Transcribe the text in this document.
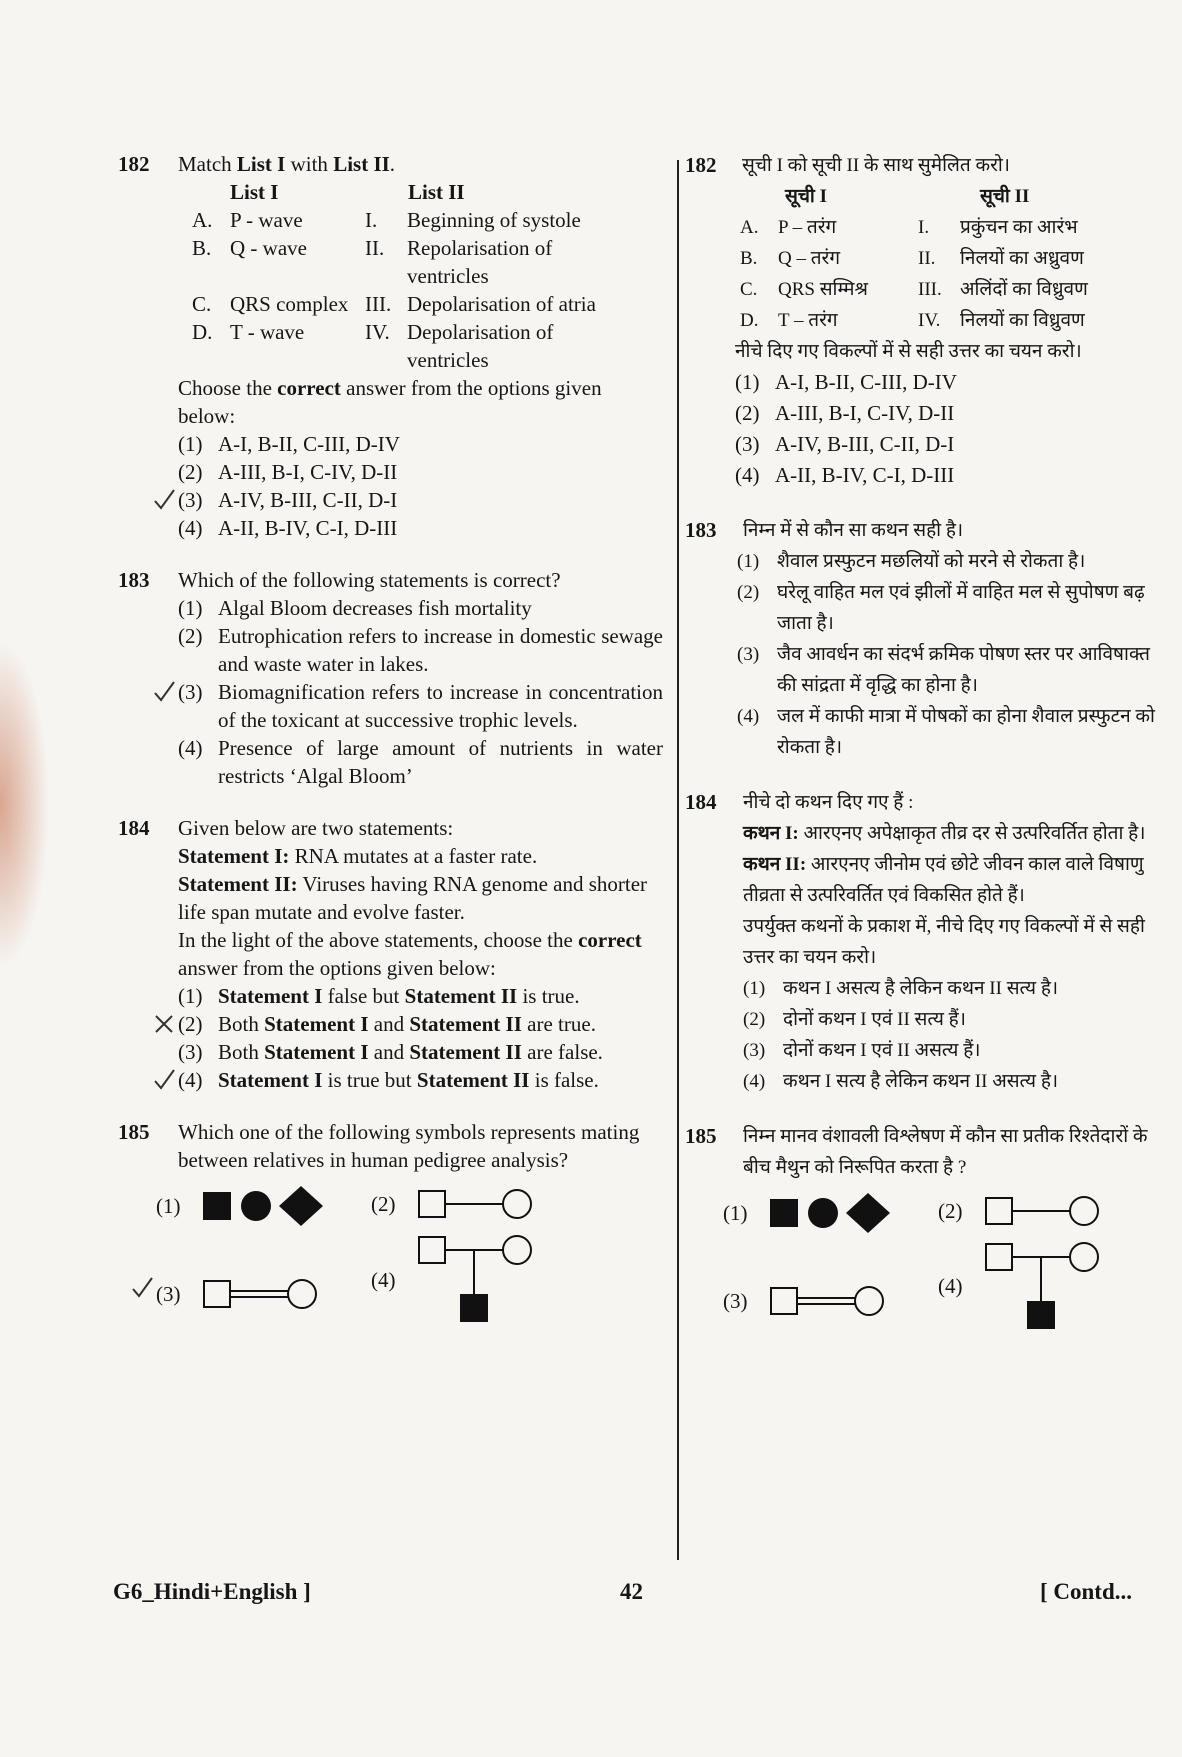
182 Match List I with List II.
List I	List II
A. P - wave	I.	Beginning of systole
B. Q - wave	II.	Repolarisation of ventricles
C. QRS complex III. Depolarisation of atria
D. T - wave	IV. Depolarisation of ventricles
Choose the correct answer from the options given below:
(1) A-I, B-II, C-III, D-IV
(2) A-III, B-I, C-IV, D-II
(3) A-IV, B-III, C-II, D-I
(4) A-II, B-IV, C-I, D-III
183 Which of the following statements is correct?
(1) Algal Bloom decreases fish mortality
(2) Eutrophication refers to increase in domestic sewage and waste water in lakes.
(3) Biomagnification refers to increase in concentration of the toxicant at successive trophic levels.
(4) Presence of large amount of nutrients in water restricts ‘Algal Bloom’
184 Given below are two statements:
Statement I: RNA mutates at a faster rate.
Statement II: Viruses having RNA genome and shorter life span mutate and evolve faster.
In the light of the above statements, choose the correct answer from the options given below:
(1) Statement I false but Statement II is true.
(2) Both Statement I and Statement II are true.
(3) Both Statement I and Statement II are false.
(4) Statement I is true but Statement II is false.
185 Which one of the following symbols represents mating between relatives in human pedigree analysis?
(1)	(2)
(3)
(4)
182 सूची I को सूची II के साथ सुमेलित करो।
सूची I	सूची II
A.	P – तरंग	I.	प्रकुंचन का आरंभ
B.	Q – तरंग	II.	निलयों का अध्रुवण
C.	QRS सम्मिश्र	III. अलिंदों का विध्रुवण
D.	T – तरंग	IV.	निलयों का विध्रुवण
नीचे दिए गए विकल्पों में से सही उत्तर का चयन करो।
(1) A-I, B-II, C-III, D-IV
(2) A-III, B-I, C-IV, D-II
(3) A-IV, B-III, C-II, D-I
(4) A-II, B-IV, C-I, D-III
183 निम्न में से कौन सा कथन सही है।
(1) शैवाल प्रस्फुटन मछलियों को मरने से रोकता है।
(2) घरेलू वाहित मल एवं झीलों में वाहित मल से सुपोषण बढ़ जाता है।
(3) जैव आवर्धन का संदर्भ क्रमिक पोषण स्तर पर आविषाक्त की सांद्रता में वृद्धि का होना है।
(4) जल में काफी मात्रा में पोषकों का होना शैवाल प्रस्फुटन को रोकता है।
184 नीचे दो कथन दिए गए हैं :
कथन I: आरएनए अपेक्षाकृत तीव्र दर से उत्परिवर्तित होता है।
कथन II: आरएनए जीनोम एवं छोटे जीवन काल वाले विषाणु तीव्रता से उत्परिवर्तित एवं विकसित होते हैं।
उपर्युक्त कथनों के प्रकाश में, नीचे दिए गए विकल्पों में से सही उत्तर का चयन करो।
(1) कथन I असत्य है लेकिन कथन II सत्य है।
(2) दोनों कथन I एवं II सत्य हैं।
(3) दोनों कथन I एवं II असत्य हैं।
(4) कथन I सत्य है लेकिन कथन II असत्य है।
185 निम्न मानव वंशावली विश्लेषण में कौन सा प्रतीक रिश्तेदारों के बीच मैथुन को निरूपित करता है ?
(1)	(2)
(3)
(4)
G6_Hindi+English ]	42	[ Contd...
